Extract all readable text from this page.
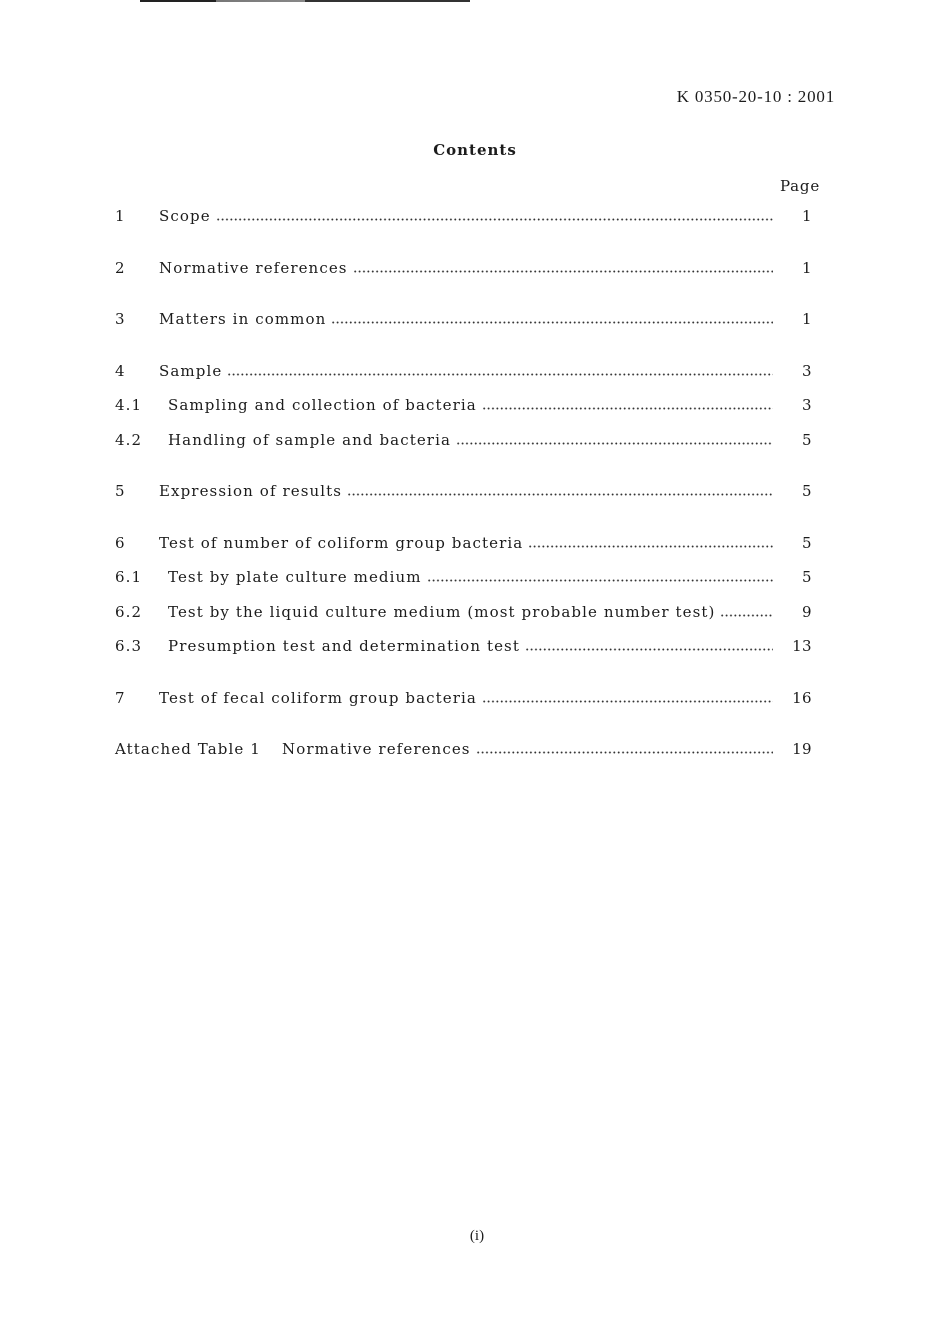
K 0350-20-10 : 2001
Contents
Page
(i)
1	Scope	1
2	Normative references	1
3	Matters in common	1
4	Sample	3
4.1	Sampling and collection of bacteria	3
4.2	Handling of sample and bacteria	5
5	Expression of results	5
6	Test of number of coliform group bacteria	5
6.1	Test by plate culture medium	5
6.2	Test by the liquid culture medium (most probable number test)	9
6.3	Presumption test and determination test	13
7	Test of fecal coliform group bacteria	16
Attached Table 1	Normative references	19
